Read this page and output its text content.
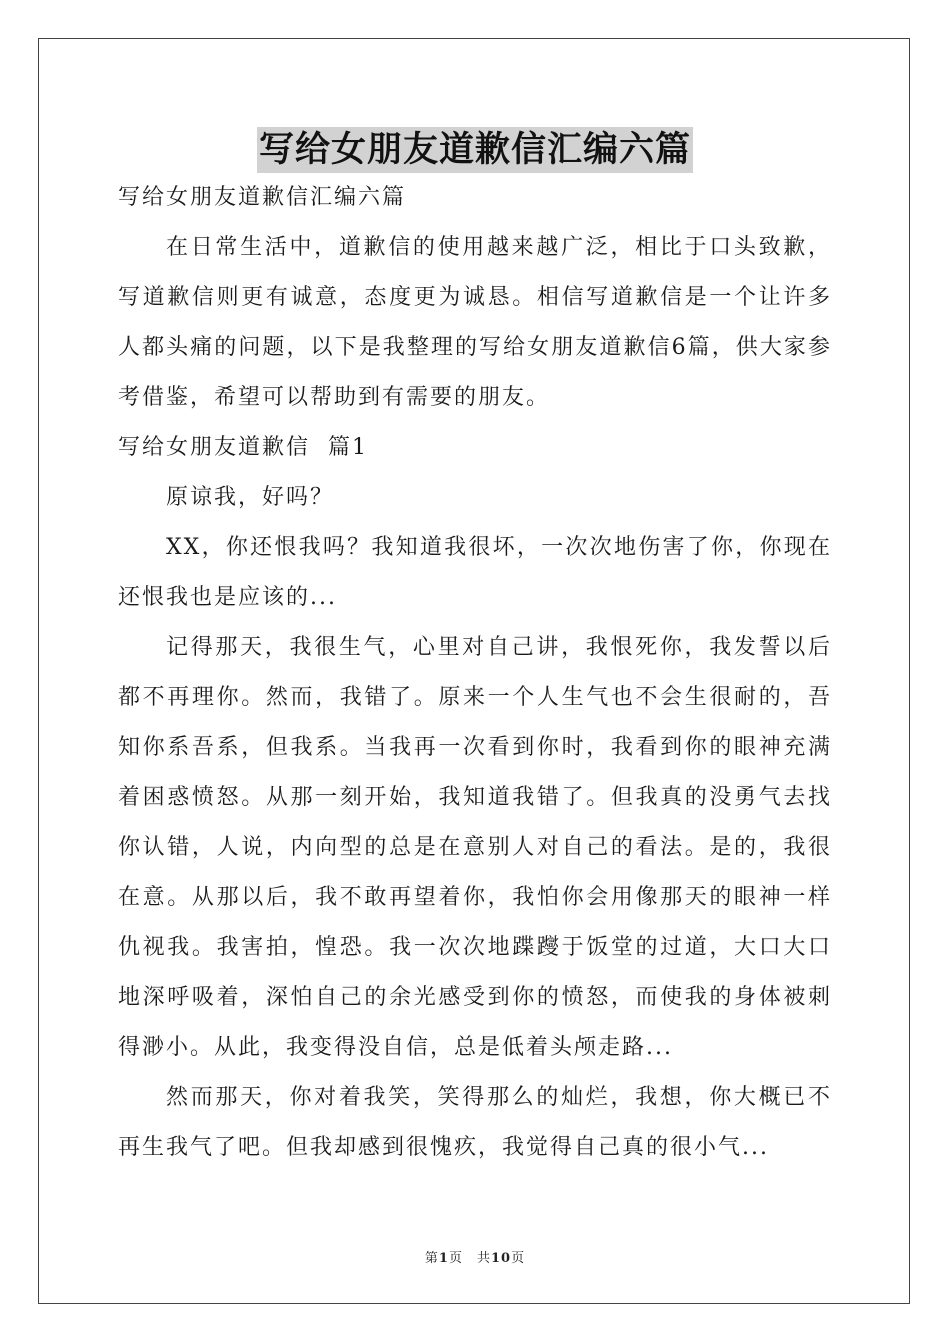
写给女朋友道歉信汇编六篇

写给女朋友道歉信汇编六篇

在日常生活中，道歉信的使用越来越广泛，相比于口头致歉，写道歉信则更有诚意，态度更为诚恳。相信写道歉信是一个让许多人都头痛的问题，以下是我整理的写给女朋友道歉信6篇，供大家参考借鉴，希望可以帮助到有需要的朋友。

写给女朋友道歉信  篇1

原谅我，好吗？

XX，你还恨我吗？我知道我很坏，一次次地伤害了你，你现在还恨我也是应该的...

记得那天，我很生气，心里对自己讲，我恨死你，我发誓以后都不再理你。然而，我错了。原来一个人生气也不会生很耐的，吾知你系吾系，但我系。当我再一次看到你时，我看到你的眼神充满着困惑愤怒。从那一刻开始，我知道我错了。但我真的没勇气去找你认错，人说，内向型的总是在意别人对自己的看法。是的，我很在意。从那以后，我不敢再望着你，我怕你会用像那天的眼神一样仇视我。我害拍，惶恐。我一次次地蹀躞于饭堂的过道，大口大口地深呼吸着，深怕自己的余光感受到你的愤怒，而使我的身体被刺得渺小。从此，我变得没自信，总是低着头颅走路...

然而那天，你对着我笑，笑得那么的灿烂，我想，你大概已不再生我气了吧。但我却感到很愧疚，我觉得自己真的很小气...

第1页 共10页
